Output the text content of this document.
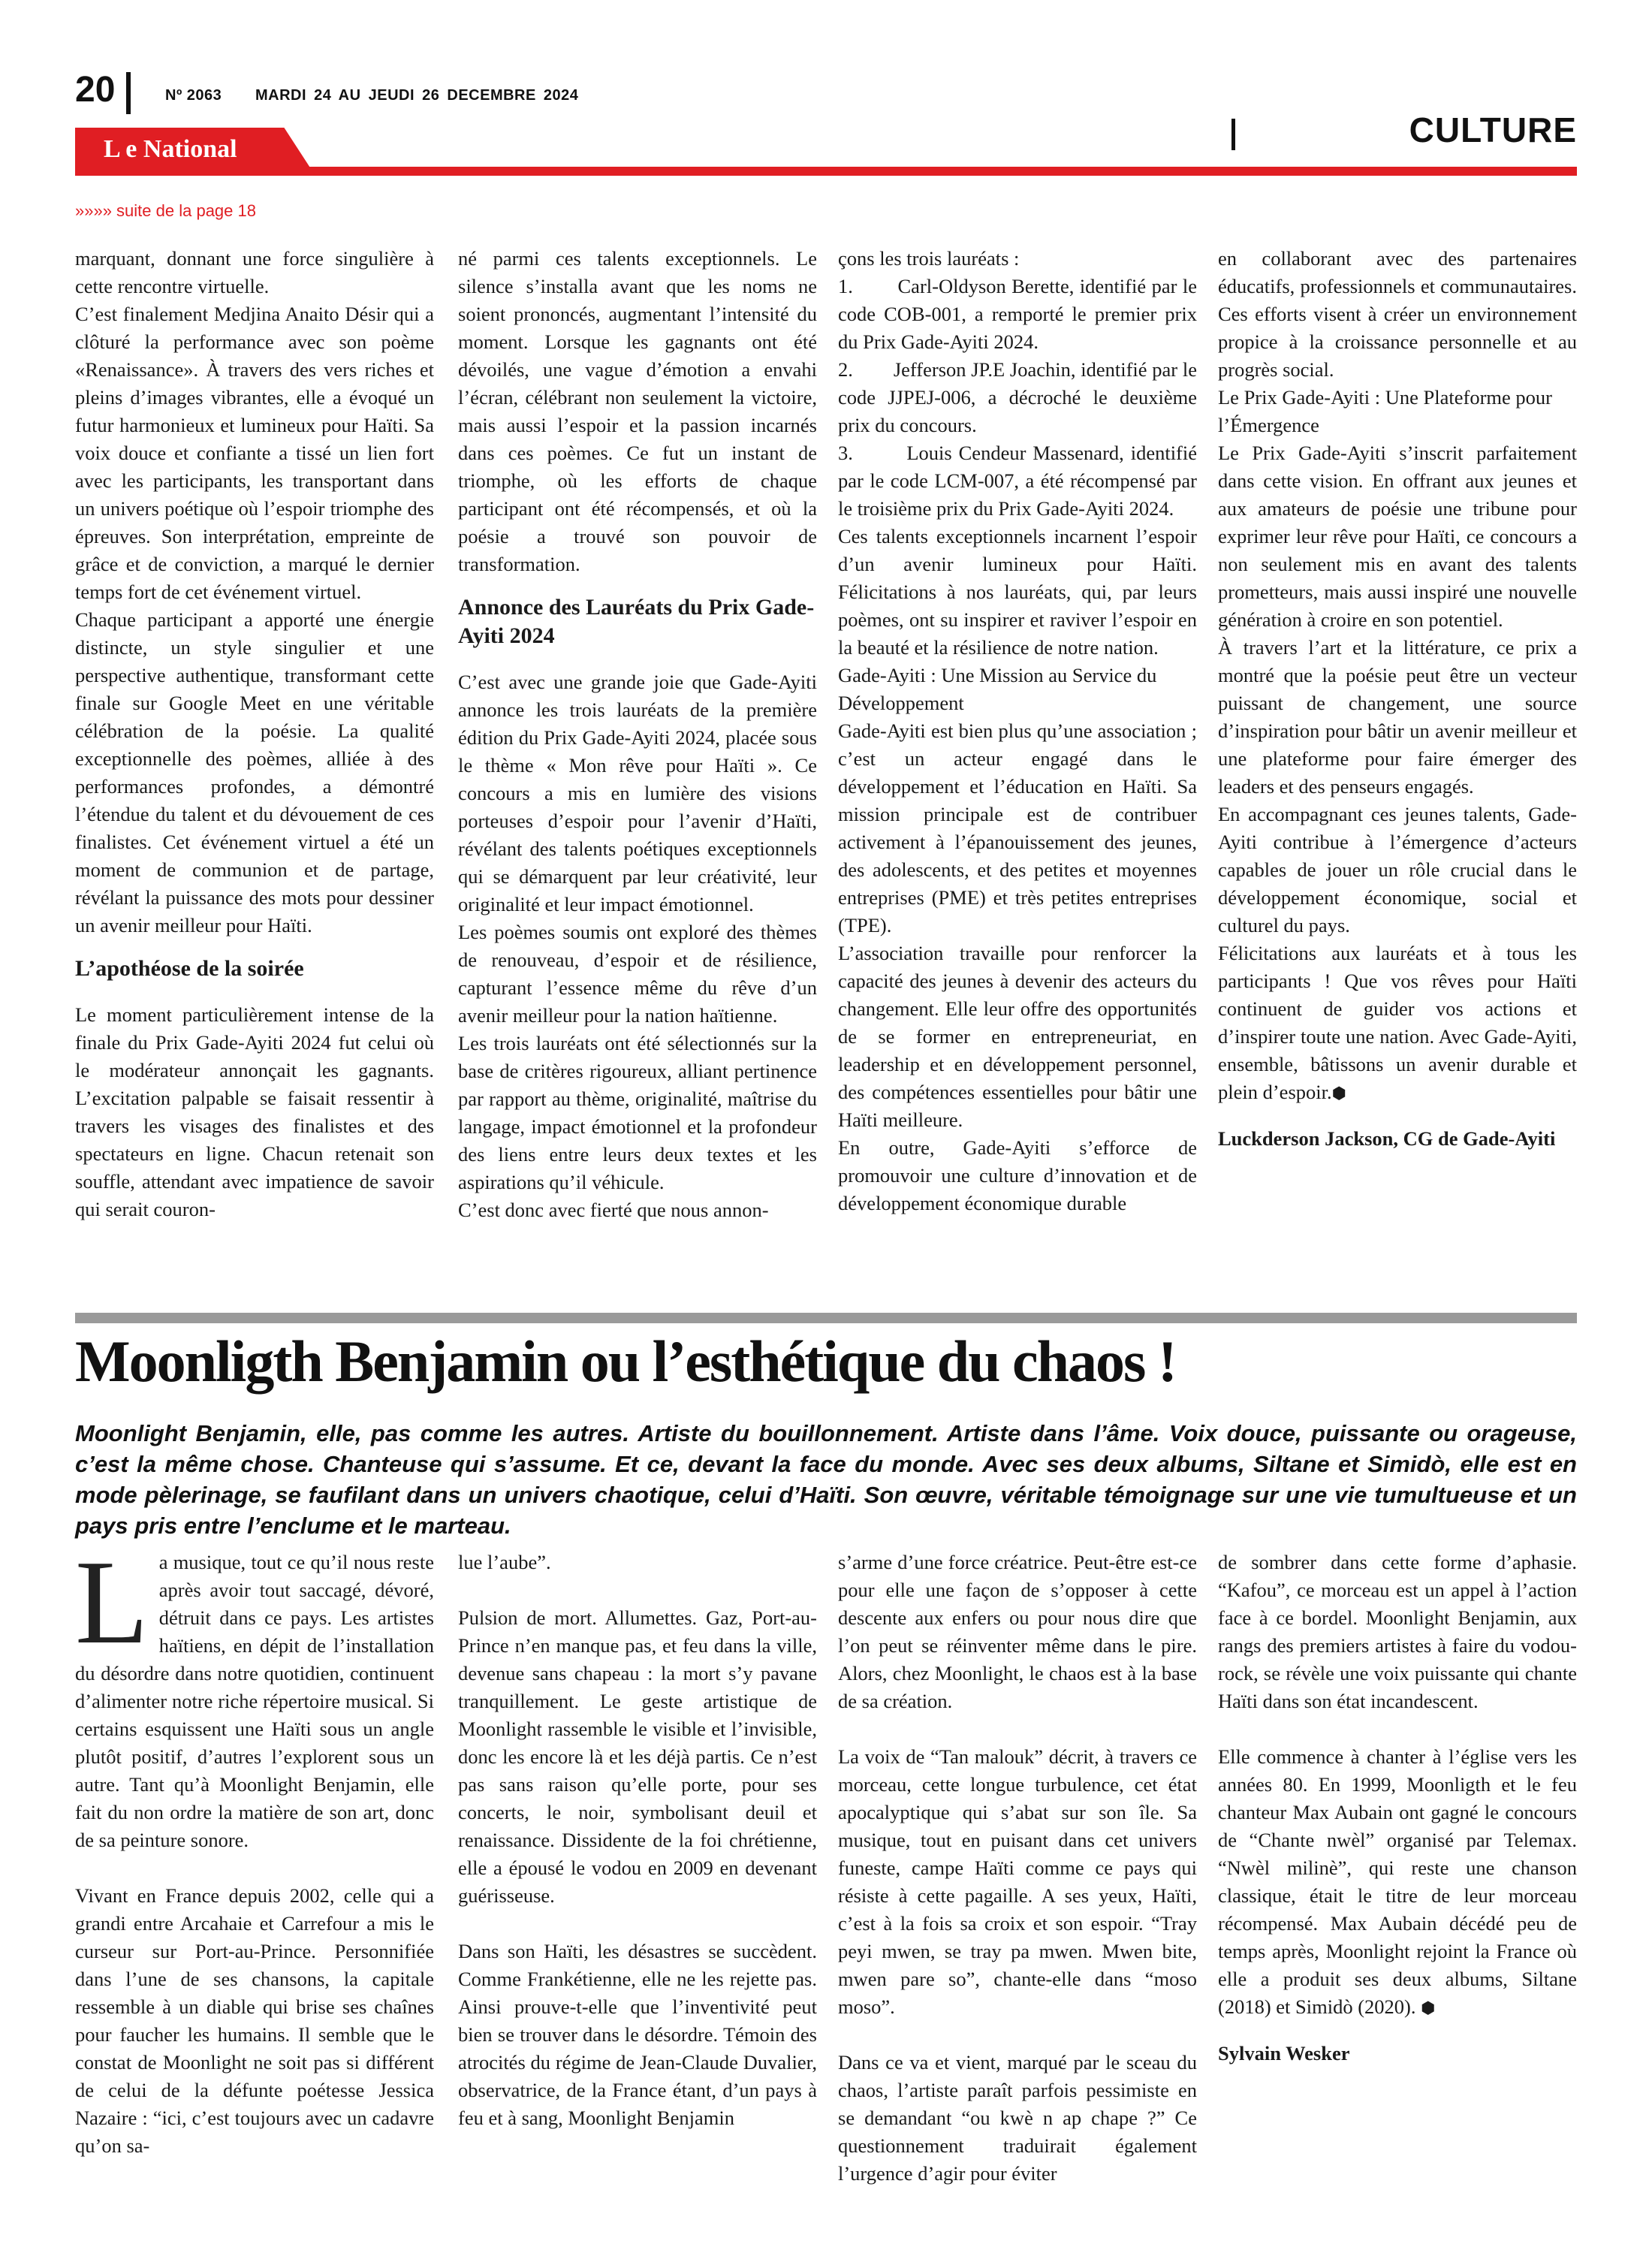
20	Nº 2063 MARDI 24 AU JEUDI 26 DECEMBRE 2024
CULTURE
L e National
»»»» suite de la page 18

marquant, donnant une force singulière à cette rencontre virtuelle.

C’est finalement Medjina Anaito Désir qui a clôturé la performance avec son poème «Renaissance». À travers des vers riches et pleins d’images vibrantes, elle a évoqué un futur harmonieux et lumineux pour Haïti. Sa voix douce et confiante a tissé un lien fort avec les participants, les transportant dans un univers poétique où l’espoir triomphe des épreuves. Son interprétation, empreinte de grâce et de conviction, a marqué le dernier temps fort de cet événement virtuel.

Chaque participant a apporté une énergie distincte, un style singulier et une perspective authentique, transformant cette finale sur Google Meet en une véritable célébration de la poésie. La qualité exceptionnelle des poèmes, alliée à des performances profondes, a démontré l’étendue du talent et du dévouement de ces finalistes. Cet événement virtuel a été un moment de communion et de partage, révélant la puissance des mots pour dessiner un avenir meilleur pour Haïti.

L’apothéose de la soirée

Le moment particulièrement intense de la finale du Prix Gade-Ayiti 2024 fut celui où le modérateur annonçait les gagnants. L’excitation palpable se faisait ressentir à travers les visages des finalistes et des spectateurs en ligne. Chacun retenait son souffle, attendant avec impatience de savoir qui serait couron-

né parmi ces talents exceptionnels. Le silence s’installa avant que les noms ne soient prononcés, augmentant l’intensité du moment. Lorsque les gagnants ont été dévoilés, une vague d’émotion a envahi l’écran, célébrant non seulement la victoire, mais aussi l’espoir et la passion incarnés dans ces poèmes. Ce fut un instant de triomphe, où les efforts de chaque participant ont été récompensés, et où la poésie a trouvé son pouvoir de transformation.

Annonce des Lauréats du Prix Gade-Ayiti 2024

C’est avec une grande joie que Gade-Ayiti annonce les trois lauréats de la première édition du Prix Gade-Ayiti 2024, placée sous le thème « Mon rêve pour Haïti ». Ce concours a mis en lumière des visions porteuses d’espoir pour l’avenir d’Haïti, révélant des talents poétiques exceptionnels qui se démarquent par leur créativité, leur originalité et leur impact émotionnel.

Les poèmes soumis ont exploré des thèmes de renouveau, d’espoir et de résilience, capturant l’essence même du rêve d’un avenir meilleur pour la nation haïtienne.

Les trois lauréats ont été sélectionnés sur la base de critères rigoureux, alliant pertinence par rapport au thème, originalité, maîtrise du langage, impact émotionnel et la profondeur des liens entre leurs deux textes et les aspirations qu’il véhicule.

C’est donc avec fierté que nous annon-

çons les trois lauréats :

1.        Carl-Oldyson Berette, identifié par le code COB-001, a remporté le premier prix du Prix Gade-Ayiti 2024.

2.        Jefferson JP.E Joachin, identifié par le code JJPEJ-006, a décroché le deuxième prix du concours.

3.        Louis Cendeur Massenard, identifié par le code LCM-007, a été récompensé par le troisième prix du Prix Gade-Ayiti 2024.

Ces talents exceptionnels incarnent l’espoir d’un avenir lumineux pour Haïti. Félicitations à nos lauréats, qui, par leurs poèmes, ont su inspirer et raviver l’espoir en la beauté et la résilience de notre nation.

Gade-Ayiti : Une Mission au Service du Développement

Gade-Ayiti est bien plus qu’une association ; c’est un acteur engagé dans le développement et l’éducation en Haïti. Sa mission principale est de contribuer activement à l’épanouissement des jeunes, des adolescents, et des petites et moyennes entreprises (PME) et très petites entreprises (TPE).

L’association travaille pour renforcer la capacité des jeunes à devenir des acteurs du changement. Elle leur offre des opportunités de se former en entrepreneuriat, en leadership et en développement personnel, des compétences essentielles pour bâtir une Haïti meilleure.

En outre, Gade-Ayiti s’efforce de promouvoir une culture d’innovation et de développement économique durable

en collaborant avec des partenaires éducatifs, professionnels et communautaires. Ces efforts visent à créer un environnement propice à la croissance personnelle et au progrès social.

Le Prix Gade-Ayiti : Une Plateforme pour l’Émergence

Le Prix Gade-Ayiti s’inscrit parfaitement dans cette vision. En offrant aux jeunes et aux amateurs de poésie une tribune pour exprimer leur rêve pour Haïti, ce concours a non seulement mis en avant des talents prometteurs, mais aussi inspiré une nouvelle génération à croire en son potentiel.

À travers l’art et la littérature, ce prix a montré que la poésie peut être un vecteur puissant de changement, une source d’inspiration pour bâtir un avenir meilleur et une plateforme pour faire émerger des leaders et des penseurs engagés.

En accompagnant ces jeunes talents, Gade-Ayiti contribue à l’émergence d’acteurs capables de jouer un rôle crucial dans le développement économique, social et culturel du pays.

Félicitations aux lauréats et à tous les participants ! Que vos rêves pour Haïti continuent de guider vos actions et d’inspirer toute une nation. Avec Gade-Ayiti, ensemble, bâtissons un avenir durable et plein d’espoir.⬢

Luckderson Jackson, CG de Gade-Ayiti

Moonligth Benjamin ou l’esthétique du chaos !
Moonlight Benjamin, elle, pas comme les autres. Artiste du bouillonnement. Artiste dans l’âme. Voix douce, puissante ou orageuse, c’est la même chose. Chanteuse qui s’assume. Et ce, devant la face du monde. Avec ses deux albums, Siltane et Simidò, elle est en mode pèlerinage, se faufilant dans un univers chaotique, celui d’Haïti. Son œuvre, véritable témoignage sur une vie tumultueuse et un pays pris entre l’enclume et le marteau.

La musique, tout ce qu’il nous reste après avoir tout saccagé, dévoré, détruit dans ce pays. Les artistes haïtiens, en dépit de l’installation du désordre dans notre quotidien, continuent d’alimenter notre riche répertoire musical. Si certains esquissent une Haïti sous un angle plutôt positif, d’autres l’explorent sous un autre. Tant qu’à Moonlight Benjamin, elle fait du non ordre la matière de son art, donc de sa peinture sonore.

Vivant en France depuis 2002, celle qui a grandi entre Arcahaie et Carrefour a mis le curseur sur Port-au-Prince. Personnifiée dans l’une de ses chansons, la capitale ressemble à un diable qui brise ses chaînes pour faucher les humains. Il semble que le constat de Moonlight ne soit pas si différent de celui de la défunte poétesse Jessica Nazaire : “ici, c’est toujours avec un cadavre qu’on sa-

lue l’aube”.

Pulsion de mort. Allumettes. Gaz, Port-au-Prince n’en manque pas, et feu dans la ville, devenue sans chapeau : la mort s’y pavane tranquillement. Le geste artistique de Moonlight rassemble le visible et l’invisible, donc les encore là et les déjà partis. Ce n’est pas sans raison qu’elle porte, pour ses concerts, le noir, symbolisant deuil et renaissance. Dissidente de la foi chrétienne, elle a épousé le vodou en 2009 en devenant guérisseuse.

Dans son Haïti, les désastres se succèdent. Comme Frankétienne, elle ne les rejette pas. Ainsi prouve-t-elle que l’inventivité peut bien se trouver dans le désordre. Témoin des atrocités du régime de Jean-Claude Duvalier, observatrice, de la France étant, d’un pays à feu et à sang, Moonlight Benjamin

s’arme d’une force créatrice. Peut-être est-ce pour elle une façon de s’opposer à cette descente aux enfers ou pour nous dire que l’on peut se réinventer même dans le pire. Alors, chez Moonlight, le chaos est à la base de sa création.

La voix de “Tan malouk” décrit, à travers ce morceau, cette longue turbulence, cet état apocalyptique qui s’abat sur son île. Sa musique, tout en puisant dans cet univers funeste, campe Haïti comme ce pays qui résiste à cette pagaille. A ses yeux, Haïti, c’est à la fois sa croix et son espoir. “Tray peyi mwen, se tray pa mwen. Mwen bite, mwen pare so”, chante-elle dans “moso moso”.

Dans ce va et vient, marqué par le sceau du chaos, l’artiste paraît parfois pessimiste en se demandant “ou kwè n ap chape ?” Ce questionnement traduirait également l’urgence d’agir pour éviter

de sombrer dans cette forme d’aphasie. “Kafou”, ce morceau est un appel à l’action face à ce bordel. Moonlight Benjamin, aux rangs des premiers artistes à faire du vodou-rock, se révèle une voix puissante qui chante Haïti dans son état incandescent.

Elle commence à chanter à l’église vers les années 80. En 1999, Moonligth et le feu chanteur Max Aubain ont gagné le concours de “Chante nwèl” organisé par Telemax. “Nwèl milinè”, qui reste une chanson classique, était le titre de leur morceau récompensé. Max Aubain décédé peu de temps après, Moonlight rejoint la France où elle a produit ses deux albums, Siltane (2018) et Simidò (2020). ⬢

Sylvain Wesker
